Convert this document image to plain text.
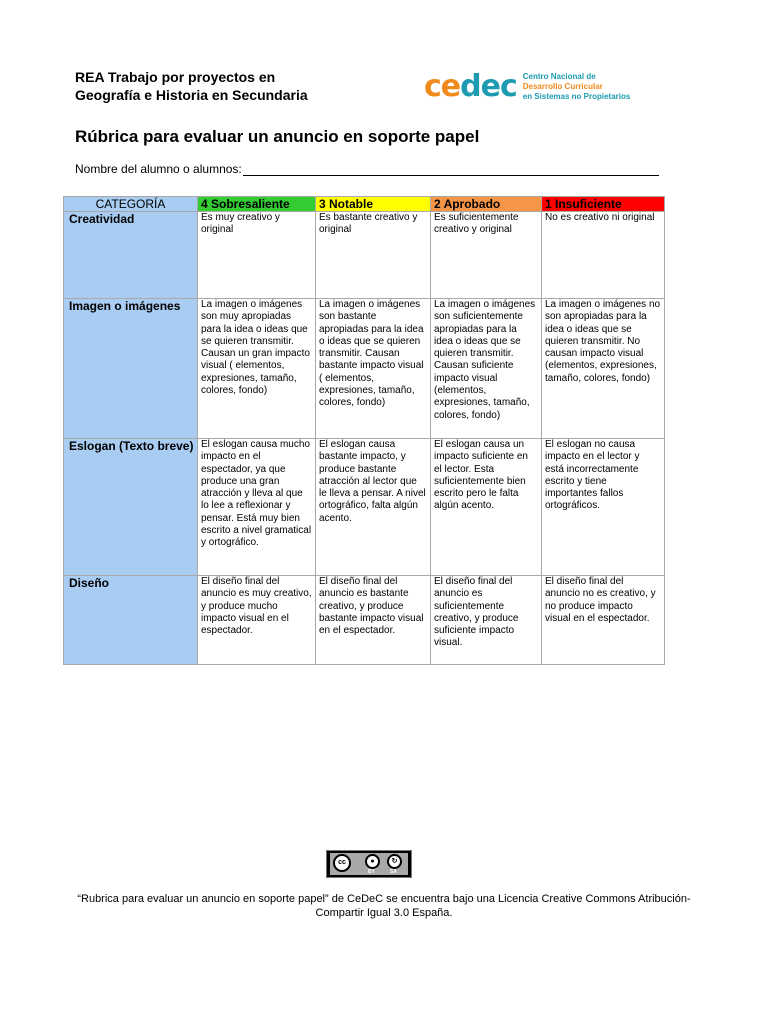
REA Trabajo por proyectos en
Geografía e Historia en Secundaria	cedec Centro Nacional de
Desarrollo Curricular
en Sistemas no Propietarios
Rúbrica para evaluar un anuncio en soporte papel
Nombre del alumno o alumnos:
CATEGORÍA	4 Sobresaliente	3 Notable	2 Aprobado	1 Insuficiente
Creatividad	Es muy creativo y original	Es bastante creativo y original	Es suficientemente creativo y original	No es creativo ni original
Imagen o imágenes	La imagen o imágenes son muy apropiadas para la idea o ideas que se quieren transmitir. Causan un gran impacto visual ( elementos, expresiones, tamaño, colores, fondo)	La imagen o imágenes son bastante apropiadas para la idea o ideas que se quieren transmitir. Causan bastante impacto visual ( elementos, expresiones, tamaño, colores, fondo)	La imagen o imágenes son suficientemente apropiadas para la idea o ideas que se quieren transmitir. Causan suficiente impacto visual (elementos, expresiones, tamaño, colores, fondo)	La imagen o imágenes no son apropiadas para la idea o ideas que se quieren transmitir. No causan impacto visual (elementos, expresiones, tamaño, colores, fondo)
Eslogan (Texto breve)	El eslogan causa mucho impacto en el espectador, ya que produce una gran atracción y lleva al que lo lee a reflexionar y pensar. Está muy bien escrito a nivel gramatical y ortográfico.	El eslogan causa bastante impacto, y produce bastante atracción al lector que le lleva a pensar. A nivel ortográfico, falta algún acento.	El eslogan causa un impacto suficiente en el lector. Esta suficientemente bien escrito pero le falta algún acento.	El eslogan no causa impacto en el lector y está incorrectamente escrito y tiene importantes fallos ortográficos.
Diseño	El diseño final del anuncio es muy creativo, y produce mucho impacto visual en el espectador.	El diseño final del anuncio es bastante creativo, y produce bastante impacto visual en el espectador.	El diseño final del anuncio es suficientemente creativo, y produce suficiente impacto visual.	El diseño final del anuncio no es creativo, y no produce impacto visual en el espectador.
cc	●	↻
BY	SA
“Rubrica para evaluar un anuncio en soporte papel” de CeDeC se encuentra bajo una Licencia Creative Commons Atribución-Compartir Igual 3.0 España.
